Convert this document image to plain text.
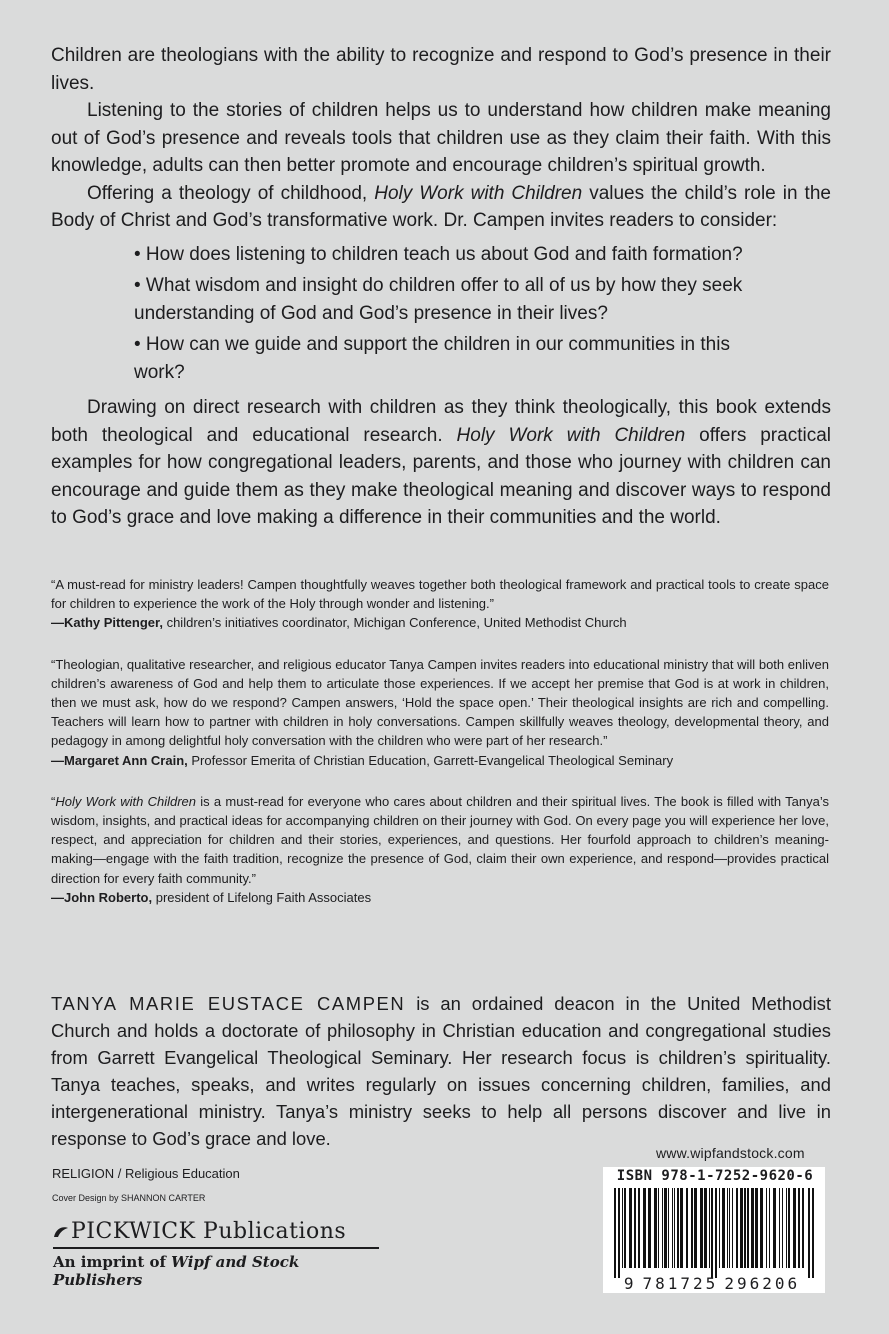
Children are theologians with the ability to recognize and respond to God’s presence in their lives.

Listening to the stories of children helps us to understand how children make meaning out of God’s presence and reveals tools that children use as they claim their faith. With this knowledge, adults can then better promote and encourage children’s spiritual growth.

Offering a theology of childhood, Holy Work with Children values the child’s role in the Body of Christ and God’s transformative work. Dr. Campen invites readers to consider:

• How does listening to children teach us about God and faith formation?
• What wisdom and insight do children offer to all of us by how they seek understanding of God and God’s presence in their lives?
• How can we guide and support the children in our communities in this work?

Drawing on direct research with children as they think theologically, this book extends both theological and educational research. Holy Work with Children offers practical examples for how congregational leaders, parents, and those who journey with children can encourage and guide them as they make theological meaning and discover ways to respond to God’s grace and love making a difference in their communities and the world.

“A must-read for ministry leaders! Campen thoughtfully weaves together both theological framework and practical tools to create space for children to experience the work of the Holy through wonder and listening.”

—Kathy Pittenger, children’s initiatives coordinator, Michigan Conference, United Methodist Church

“Theologian, qualitative researcher, and religious educator Tanya Campen invites readers into educational ministry that will both enliven children’s awareness of God and help them to articulate those experiences. If we accept her premise that God is at work in children, then we must ask, how do we respond? Campen answers, ‘Hold the space open.’ Their theological insights are rich and compelling. Teachers will learn how to partner with children in holy conversations. Campen skillfully weaves theology, developmental theory, and pedagogy in among delightful holy conversation with the children who were part of her research.”

—Margaret Ann Crain, Professor Emerita of Christian Education, Garrett-Evangelical Theological Seminary

“Holy Work with Children is a must-read for everyone who cares about children and their spiritual lives. The book is filled with Tanya’s wisdom, insights, and practical ideas for accompanying children on their journey with God. On every page you will experience her love, respect, and appreciation for children and their stories, experiences, and questions. Her fourfold approach to children’s meaning-making—engage with the faith tradition, recognize the presence of God, claim their own experience, and respond—provides practical direction for every faith community.”

—John Roberto, president of Lifelong Faith Associates

TANYA MARIE EUSTACE CAMPEN is an ordained deacon in the United Methodist Church and holds a doctorate of philosophy in Christian education and congregational studies from Garrett Evangelical Theological Seminary. Her research focus is children’s spirituality. Tanya teaches, speaks, and writes regularly on issues concerning children, families, and intergenerational ministry. Tanya’s ministry seeks to help all persons discover and live in response to God’s grace and love.

RELIGION / Religious Education
Cover Design by SHANNON CARTER
PICKWICK Publications
An imprint of Wipf and Stock Publishers
www.wipfandstock.com
ISBN 978-1-7252-9620-6
9 781725 296206
